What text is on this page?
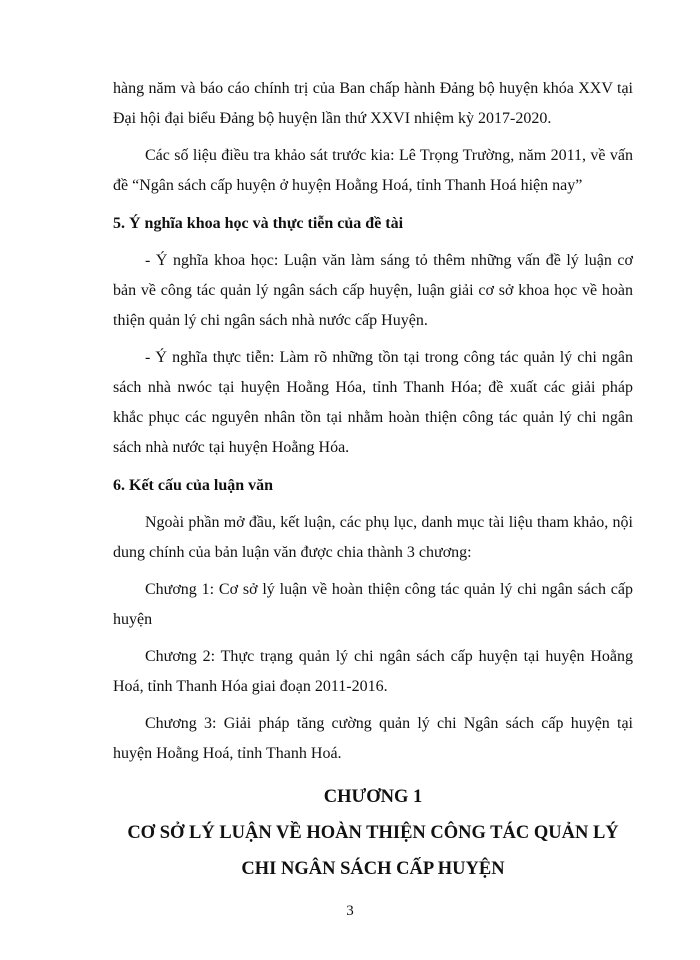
hàng năm và báo cáo chính trị của Ban chấp hành Đảng bộ huyện khóa XXV tại Đại hội đại biểu Đảng bộ huyện lần thứ XXVI nhiệm kỳ 2017-2020.

Các số liệu điều tra khảo sát trước kia: Lê Trọng Trường, năm 2011, về vấn đề “Ngân sách cấp huyện ở huyện Hoằng Hoá, tỉnh Thanh Hoá hiện nay”

5. Ý nghĩa khoa học và thực tiễn của đề tài

- Ý nghĩa khoa học: Luận văn làm sáng tỏ thêm những vấn đề lý luận cơ bản về công tác quản lý ngân sách cấp huyện, luận giải cơ sở khoa học về hoàn thiện quản lý chi ngân sách nhà nước cấp Huyện.

- Ý nghĩa thực tiễn: Làm rõ những tồn tại trong công tác quản lý chi ngân sách nhà nwóc tại huyện Hoằng Hóa, tỉnh Thanh Hóa; đề xuất các giải pháp khắc phục các nguyên nhân tồn tại nhằm hoàn thiện công tác quản lý chi ngân sách nhà nước tại huyện Hoằng Hóa.

6. Kết cấu của luận văn

Ngoài phần mở đầu, kết luận, các phụ lục, danh mục tài liệu tham khảo, nội dung chính của bản luận văn được chia thành 3 chương:

Chương 1: Cơ sở lý luận về hoàn thiện công tác quản lý chi ngân sách cấp huyện

Chương 2: Thực trạng quản lý chi ngân sách cấp huyện tại huyện Hoằng Hoá, tỉnh Thanh Hóa giai đoạn 2011-2016.

Chương 3: Giải pháp tăng cường quản lý chi Ngân sách cấp huyện tại huyện Hoằng Hoá, tỉnh Thanh Hoá.

CHƯƠNG 1
CƠ SỞ LÝ LUẬN VỀ HOÀN THIỆN CÔNG TÁC QUẢN LÝ
CHI NGÂN SÁCH CẤP HUYỆN
3
